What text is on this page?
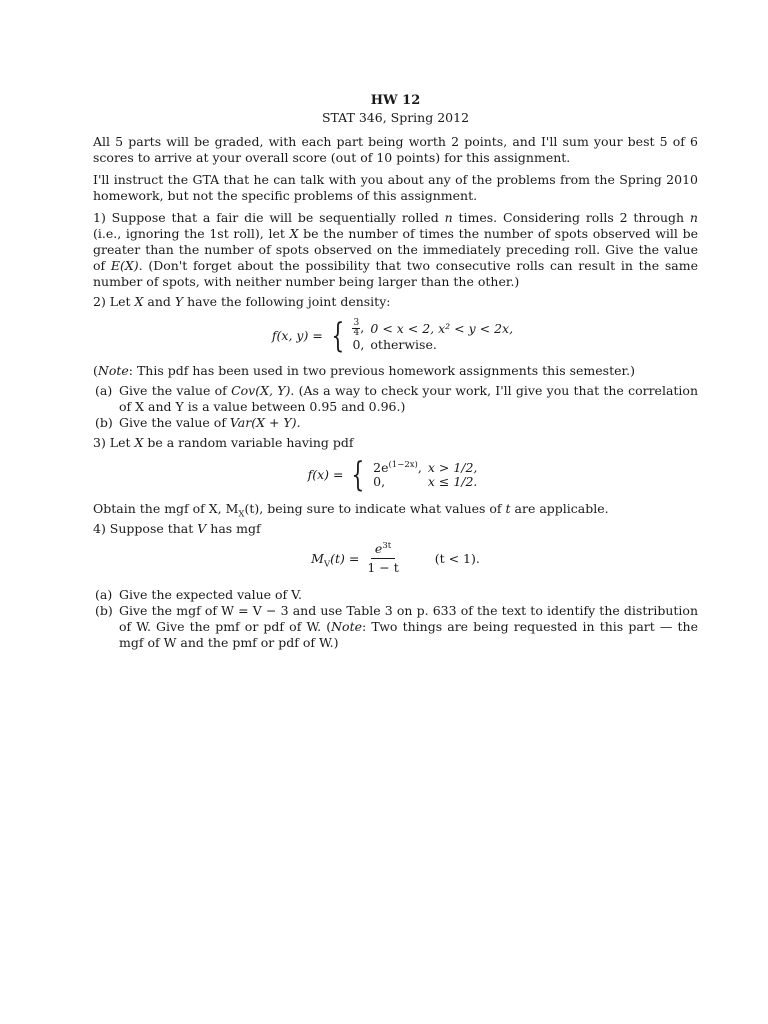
HW 12
STAT 346, Spring 2012

All 5 parts will be graded, with each part being worth 2 points, and I'll sum your best 5 of 6 scores to arrive at your overall score (out of 10 points) for this assignment.

I'll instruct the GTA that he can talk with you about any of the problems from the Spring 2010 homework, but not the specific problems of this assignment.

1) Suppose that a fair die will be sequentially rolled n times. Considering rolls 2 through n (i.e., ignoring the 1st roll), let X be the number of times the number of spots observed will be greater than the number of spots observed on the immediately preceding roll. Give the value of E(X). (Don't forget about the possibility that two consecutive rolls can result in the same number of spots, with neither number being larger than the other.)

2) Let X and Y have the following joint density:

f(x, y) =	{	$\frac{3}{4}$ ,	0 < x < 2, x² < y < 2x,
0,	otherwise.

(Note: This pdf has been used in two previous homework assignments this semester.)

(a) Give the value of Cov(X, Y). (As a way to check your work, I'll give you that the correlation of X and Y is a value between 0.95 and 0.96.)
(b) Give the value of Var(X + Y).

3) Let X be a random variable having pdf

f(x) =	{	$2e^{(1-2x)}$,	x > 1/2,
0,	x ≤ 1/2.

Obtain the mgf of X, $M_X(t)$, being sure to indicate what values of t are applicable.

4) Suppose that V has mgf

$M_V(t)$ =	$\frac{e^{3t}}{1 - t}$	(t < 1).
(a) Give the expected value of V.
(b) Give the mgf of W = V − 3 and use Table 3 on p. 633 of the text to identify the distribution of W. Give the pmf or pdf of W. (Note: Two things are being requested in this part — the mgf of W and the pmf or pdf of W.)
